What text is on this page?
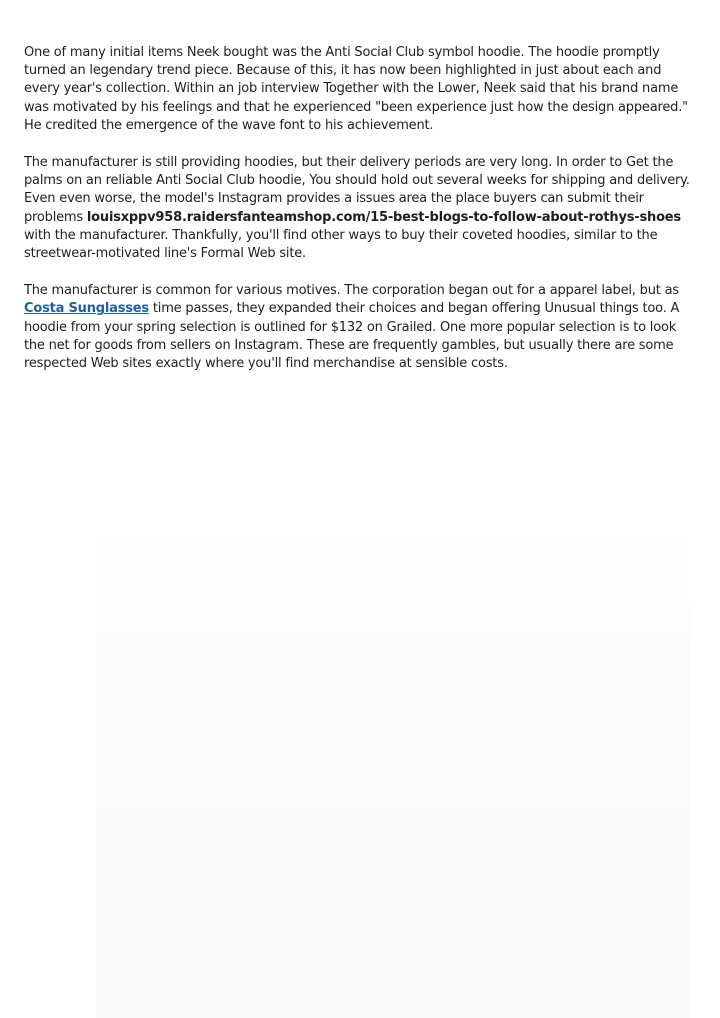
One of many initial items Neek bought was the Anti Social Club symbol hoodie. The hoodie promptly turned an legendary trend piece. Because of this, it has now been highlighted in just about each and every year's collection. Within an job interview Together with the Lower, Neek said that his brand name was motivated by his feelings and that he experienced "been experience just how the design appeared." He credited the emergence of the wave font to his achievement.

The manufacturer is still providing hoodies, but their delivery periods are very long. In order to Get the palms on an reliable Anti Social Club hoodie, You should hold out several weeks for shipping and delivery. Even even worse, the model's Instagram provides a issues area the place buyers can submit their problems louisxppv958.raidersfanteamshop.com/15-best-blogs-to-follow-about-rothys-shoes with the manufacturer. Thankfully, you'll find other ways to buy their coveted hoodies, similar to the streetwear-motivated line's Formal Web site.

The manufacturer is common for various motives. The corporation began out for a apparel label, but as Costa Sunglasses time passes, they expanded their choices and began offering Unusual things too. A hoodie from your spring selection is outlined for $132 on Grailed. One more popular selection is to look the net for goods from sellers on Instagram. These are frequently gambles, but usually there are some respected Web sites exactly where you'll find merchandise at sensible costs.
